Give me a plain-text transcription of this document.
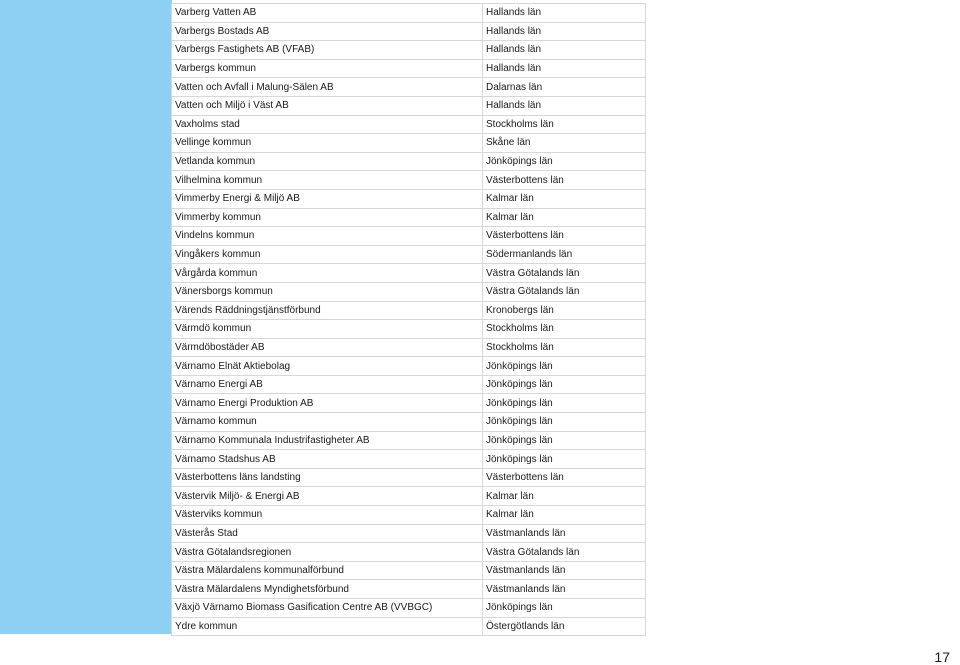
Varberg Vatten AB	Hallands län
Varbergs Bostads AB	Hallands län
Varbergs Fastighets AB (VFAB)	Hallands län
Varbergs kommun	Hallands län
Vatten och Avfall i Malung-Sälen AB	Dalarnas län
Vatten och Miljö i Väst AB	Hallands län
Vaxholms stad	Stockholms län
Vellinge kommun	Skåne län
Vetlanda kommun	Jönköpings län
Vilhelmina kommun	Västerbottens län
Vimmerby Energi & Miljö AB	Kalmar län
Vimmerby kommun	Kalmar län
Vindelns kommun	Västerbottens län
Vingåkers kommun	Södermanlands län
Vårgårda kommun	Västra Götalands län
Vänersborgs kommun	Västra Götalands län
Värends Räddningstjänstförbund	Kronobergs län
Värmdö kommun	Stockholms län
Värmdöbostäder AB	Stockholms län
Värnamo Elnät Aktiebolag	Jönköpings län
Värnamo Energi AB	Jönköpings län
Värnamo Energi Produktion AB	Jönköpings län
Värnamo kommun	Jönköpings län
Värnamo Kommunala Industrifastigheter AB	Jönköpings län
Värnamo Stadshus AB	Jönköpings län
Västerbottens läns landsting	Västerbottens län
Västervik Miljö- & Energi AB	Kalmar län
Västerviks kommun	Kalmar län
Västerås Stad	Västmanlands län
Västra Götalandsregionen	Västra Götalands län
Västra Mälardalens kommunalförbund	Västmanlands län
Västra Mälardalens Myndighetsförbund	Västmanlands län
Växjö Värnamo Biomass Gasification Centre AB (VVBGC)	Jönköpings län
Ydre kommun	Östergötlands län
17
